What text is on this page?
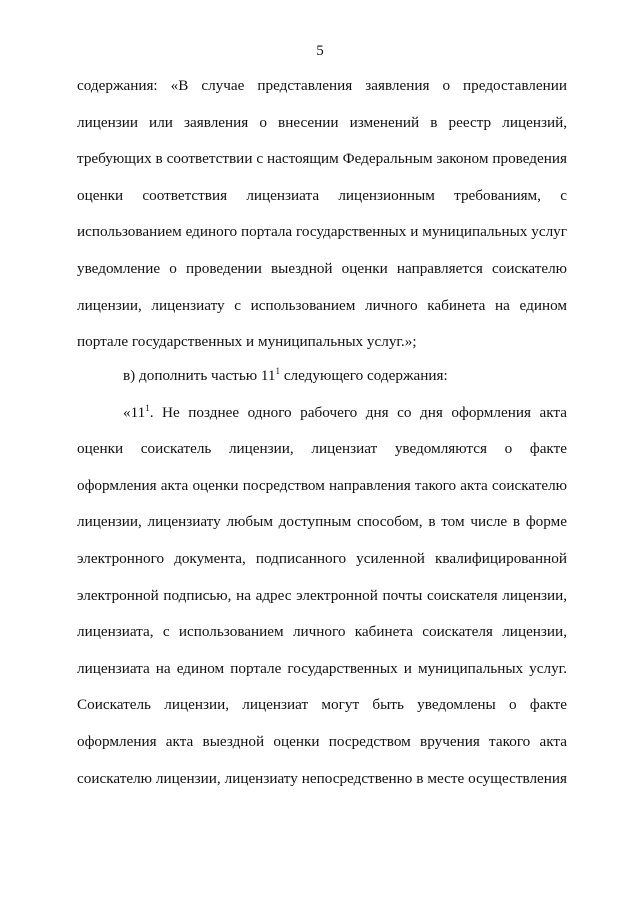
5
содержания: «В случае представления заявления о предоставлении
лицензии или заявления о внесении изменений в реестр лицензий,
требующих в соответствии с настоящим Федеральным законом проведения
оценки соответствия лицензиата лицензионным требованиям, с
использованием единого портала государственных и муниципальных услуг
уведомление о проведении выездной оценки направляется соискателю
лицензии, лицензиату с использованием личного кабинета на едином
портале государственных и муниципальных услуг.»;
в) дополнить частью $11^1$ следующего содержания:
«$11^1$. Не позднее одного рабочего дня со дня оформления акта
оценки соискатель лицензии, лицензиат уведомляются о факте
оформления акта оценки посредством направления такого акта соискателю
лицензии, лицензиату любым доступным способом, в том числе в форме
электронного документа, подписанного усиленной квалифицированной
электронной подписью, на адрес электронной почты соискателя лицензии,
лицензиата, с использованием личного кабинета соискателя лицензии,
лицензиата на едином портале государственных и муниципальных услуг.
Соискатель лицензии, лицензиат могут быть уведомлены о факте
оформления акта выездной оценки посредством вручения такого акта
соискателю лицензии, лицензиату непосредственно в месте осуществления
